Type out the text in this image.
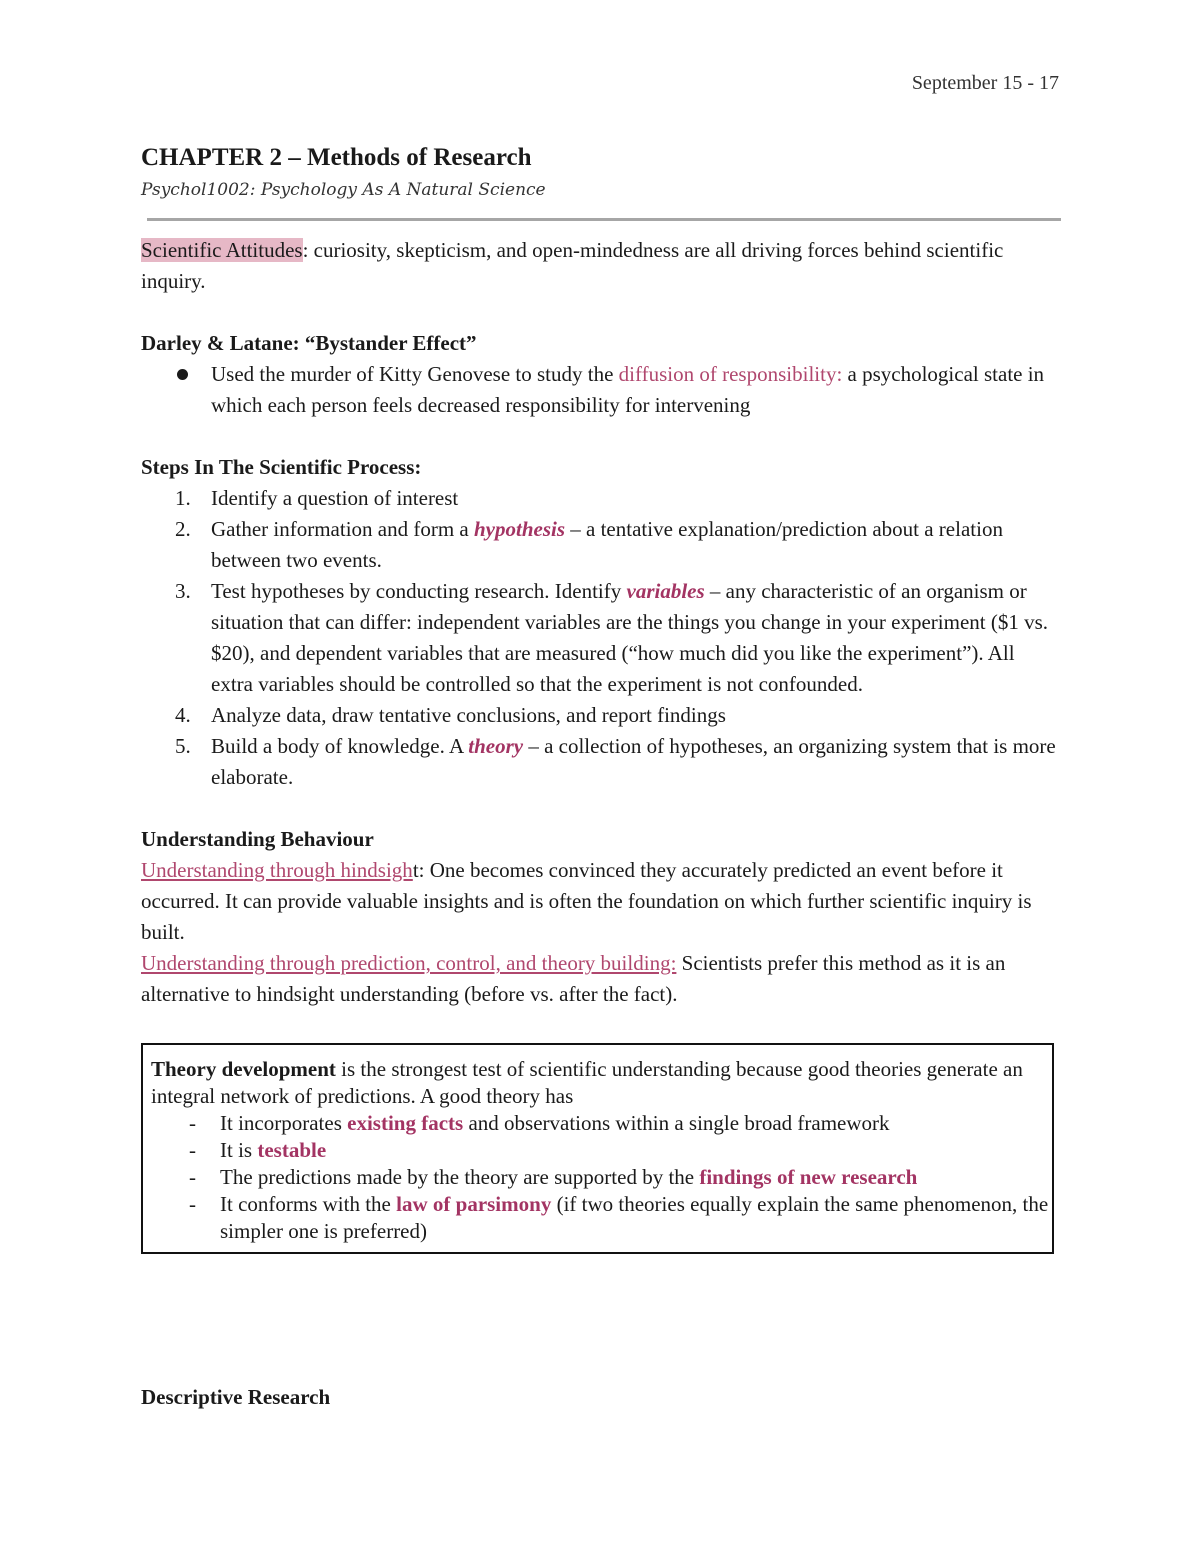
September 15 - 17
CHAPTER 2 – Methods of Research
Psychol1002: Psychology As A Natural Science

Scientific Attitudes: curiosity, skepticism, and open-mindedness are all driving forces behind scientific inquiry.

Darley & Latane: “Bystander Effect”

Used the murder of Kitty Genovese to study the diffusion of responsibility: a psychological state in which each person feels decreased responsibility for intervening

Steps In The Scientific Process:

1. Identify a question of interest
2. Gather information and form a hypothesis – a tentative explanation/prediction about a relation between two events.
3. Test hypotheses by conducting research. Identify variables – any characteristic of an organism or situation that can differ: independent variables are the things you change in your experiment ($1 vs. $20), and dependent variables that are measured (“how much did you like the experiment”). All extra variables should be controlled so that the experiment is not confounded.
4. Analyze data, draw tentative conclusions, and report findings
5. Build a body of knowledge. A theory – a collection of hypotheses, an organizing system that is more elaborate.

Understanding Behaviour

Understanding through hindsight: One becomes convinced they accurately predicted an event before it occurred. It can provide valuable insights and is often the foundation on which further scientific inquiry is built.

Understanding through prediction, control, and theory building: Scientists prefer this method as it is an alternative to hindsight understanding (before vs. after the fact).

Theory development is the strongest test of scientific understanding because good theories generate an integral network of predictions. A good theory has

- It incorporates existing facts and observations within a single broad framework
- It is testable
- The predictions made by the theory are supported by the findings of new research
- It conforms with the law of parsimony (if two theories equally explain the same phenomenon, the simpler one is preferred)
Descriptive Research
